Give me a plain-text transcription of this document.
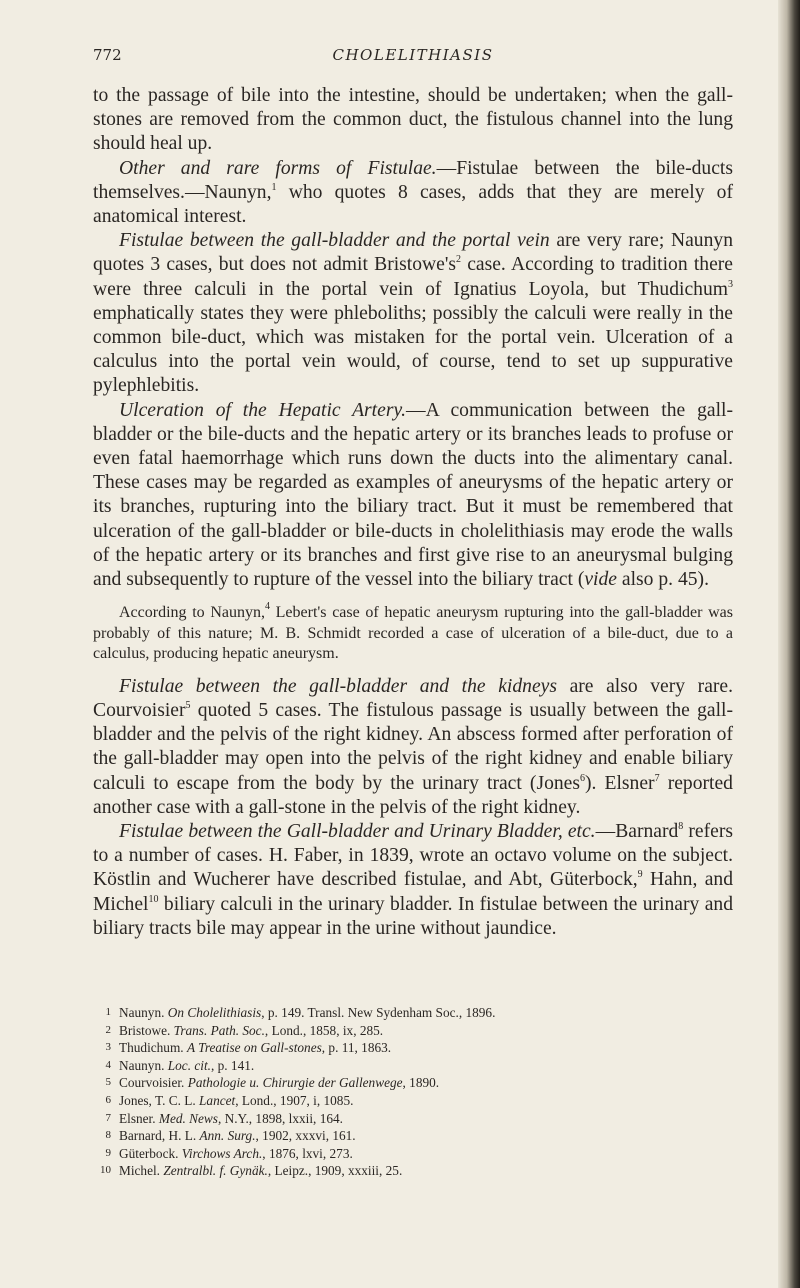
772	CHOLELITHIASIS

to the passage of bile into the intestine, should be undertaken; when the gall-stones are removed from the common duct, the fistulous channel into the lung should heal up.

Other and rare forms of Fistulae.—Fistulae between the bile-ducts themselves.—Naunyn,$^1$ who quotes 8 cases, adds that they are merely of anatomical interest.

Fistulae between the gall-bladder and the portal vein are very rare; Naunyn quotes 3 cases, but does not admit $Bristowe's^2$ case. According to tradition there were three calculi in the portal vein of Ignatius Loyola, but Thudichum$^3$ emphatically states they were phleboliths; possibly the calculi were really in the common bile-duct, which was mistaken for the portal vein. Ulceration of a calculus into the portal vein would, of course, tend to set up suppurative pylephlebitis.

Ulceration of the Hepatic Artery.—A communication between the gall-bladder or the bile-ducts and the hepatic artery or its branches leads to profuse or even fatal haemorrhage which runs down the ducts into the alimentary canal. These cases may be regarded as examples of aneurysms of the hepatic artery or its branches, rupturing into the biliary tract. But it must be remembered that ulceration of the gall-bladder or bile-ducts in cholelithiasis may erode the walls of the hepatic artery or its branches and first give rise to an aneurysmal bulging and subsequently to rupture of the vessel into the biliary tract (vide also p. 45).

According to Naunyn,$^4$ Lebert's case of hepatic aneurysm rupturing into the gall-bladder was probably of this nature; M. B. Schmidt recorded a case of ulceration of a bile-duct, due to a calculus, producing hepatic aneurysm.

Fistulae between the gall-bladder and the kidneys are also very rare. Courvoisier$^5$ quoted 5 cases. The fistulous passage is usually between the gall-bladder and the pelvis of the right kidney. An abscess formed after perforation of the gall-bladder may open into the pelvis of the right kidney and enable biliary calculi to escape from the body by the urinary tract (Jones$^6$). Elsner$^7$ reported another case with a gall-stone in the pelvis of the right kidney.

Fistulae between the Gall-bladder and Urinary Bladder, etc.—Barnard$^8$ refers to a number of cases. H. Faber, in 1839, wrote an octavo volume on the subject. Köstlin and Wucherer have described fistulae, and Abt, Güterbock,$^9$ Hahn, and Michel$^{10}$ biliary calculi in the urinary bladder. In fistulae between the urinary and biliary tracts bile may appear in the urine without jaundice.

1 Naunyn. On Cholelithiasis, p. 149. Transl. New Sydenham Soc., 1896.
2 Bristowe. Trans. Path. Soc., Lond., 1858, ix, 285.
3 Thudichum. A Treatise on Gall-stones, p. 11, 1863.
4 Naunyn. Loc. cit., p. 141.
5 Courvoisier. Pathologie u. Chirurgie der Gallenwege, 1890.
6 Jones, T. C. L. Lancet, Lond., 1907, i, 1085.
7 Elsner. Med. News, N.Y., 1898, lxxii, 164.
8 Barnard, H. L. Ann. Surg., 1902, xxxvi, 161.
9 Güterbock. Virchows Arch., 1876, lxvi, 273.
10 Michel. Zentralbl. f. Gynäk., Leipz., 1909, xxxiii, 25.
